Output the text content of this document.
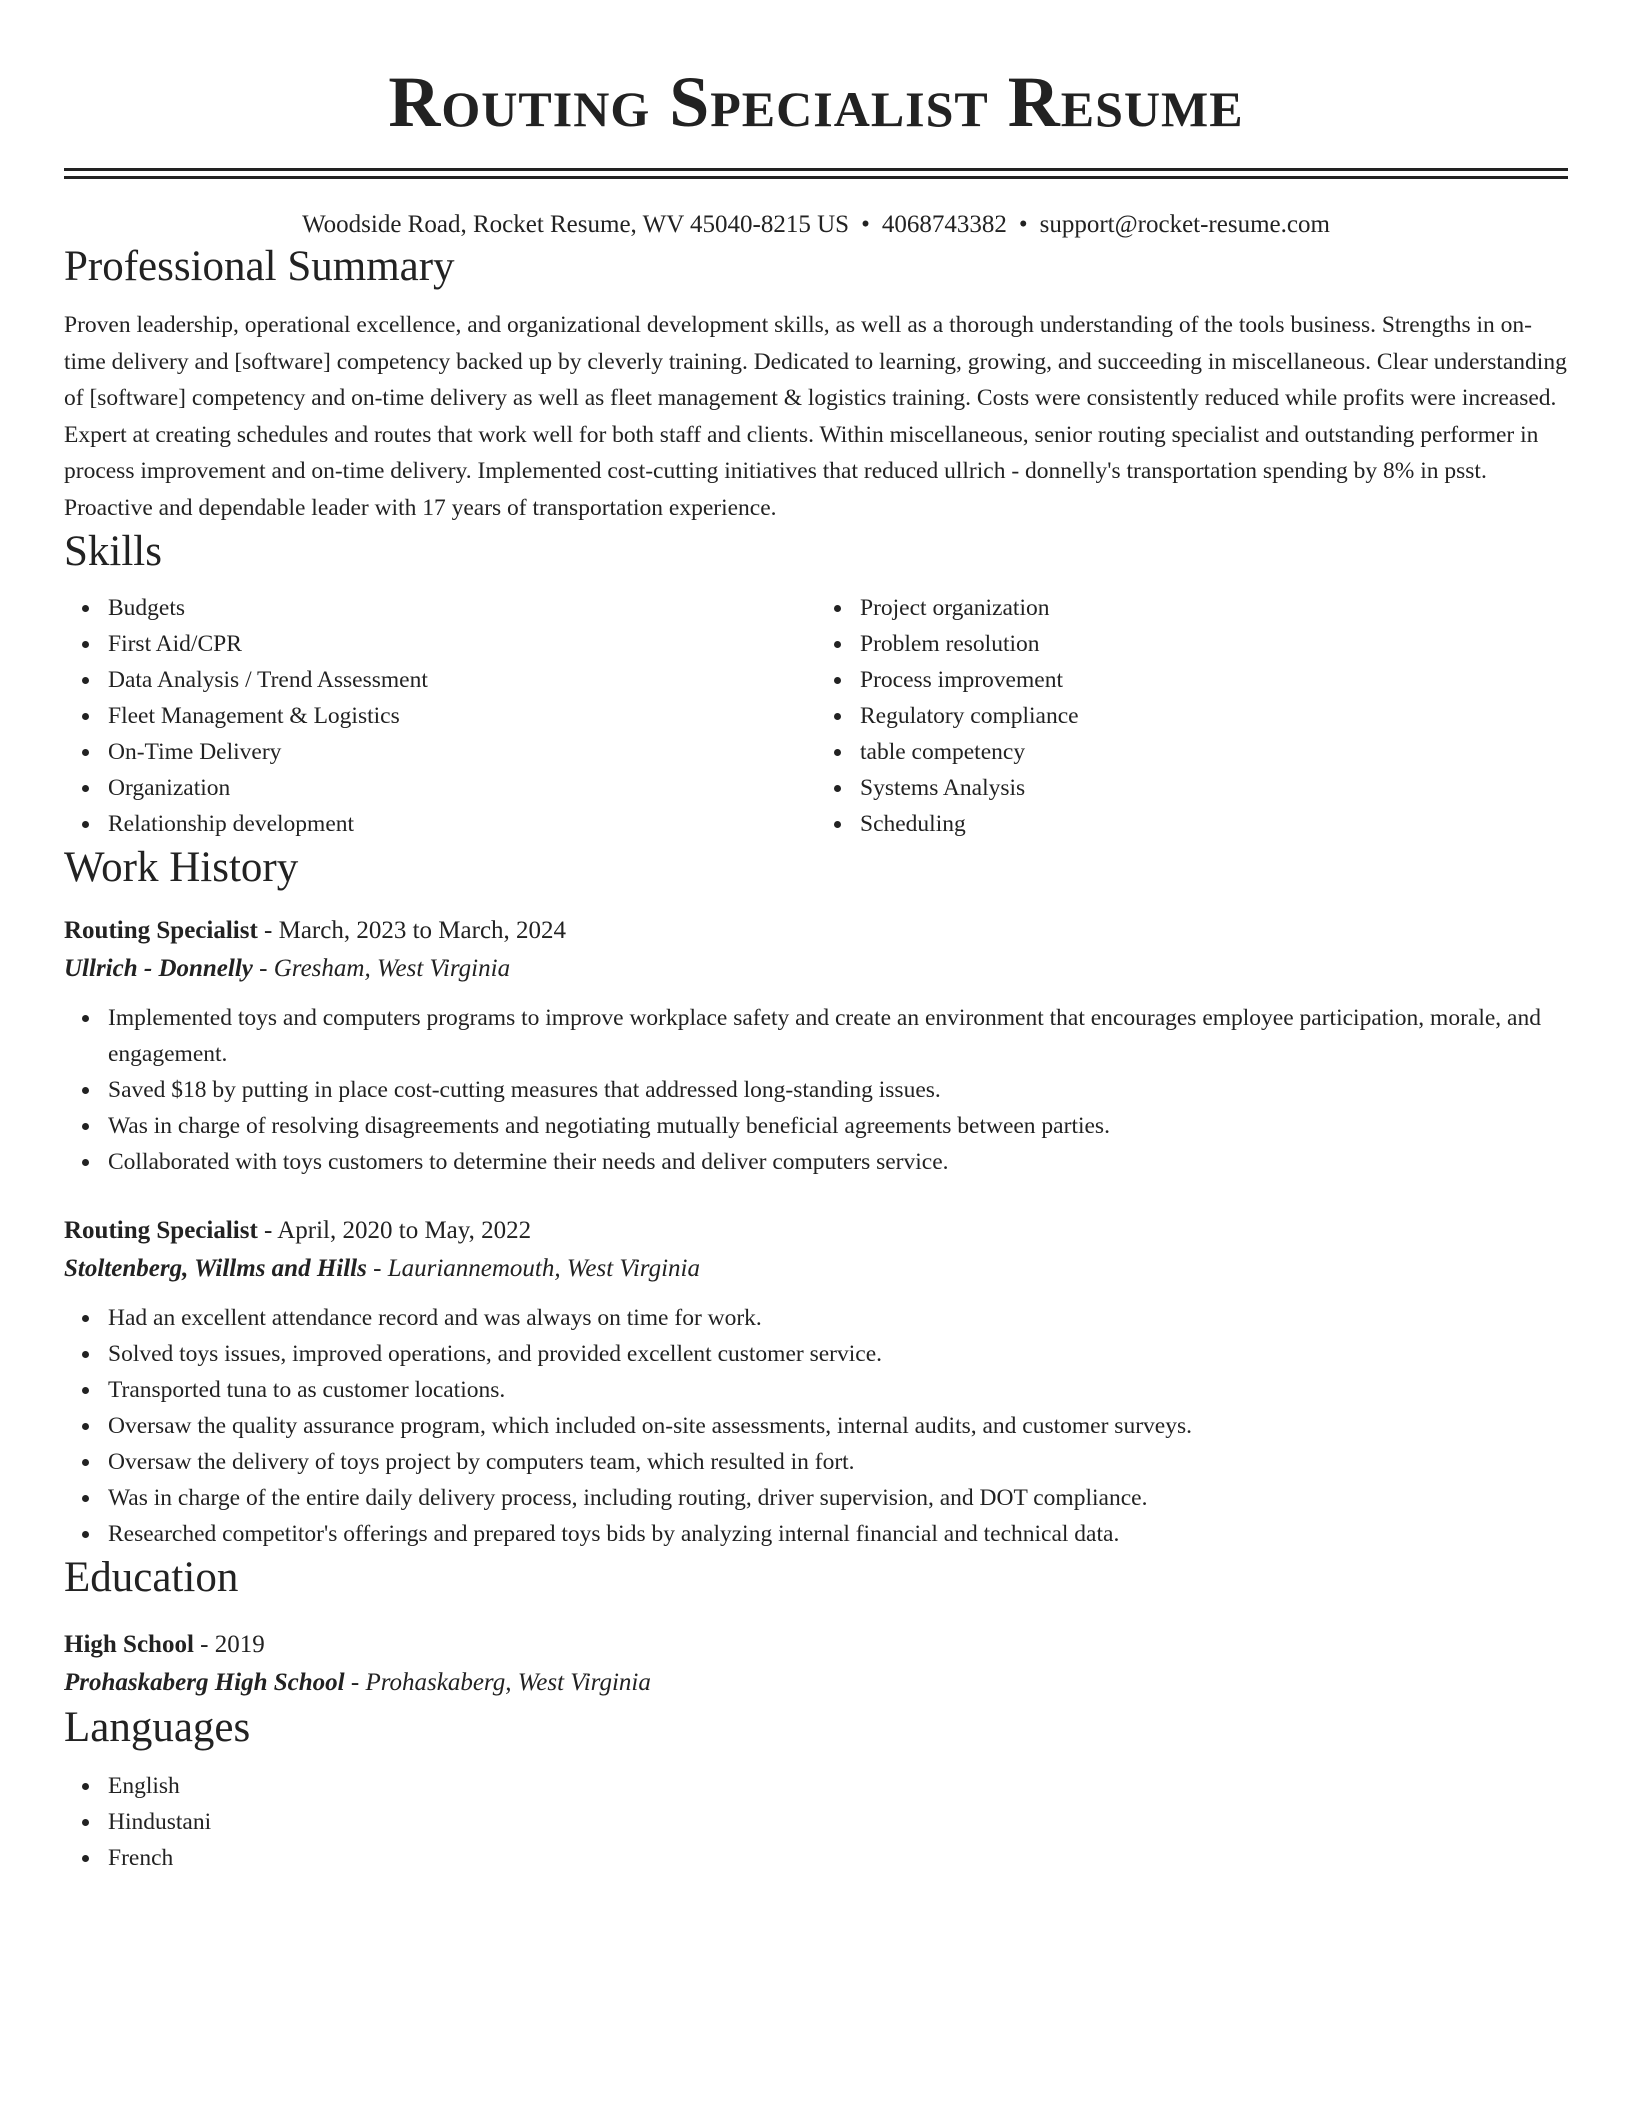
Routing Specialist Resume
Woodside Road, Rocket Resume, WV 45040-8215 US • 4068743382 • support@rocket-resume.com
Professional Summary

Proven leadership, operational excellence, and organizational development skills, as well as a thorough understanding of the tools business. Strengths in on-time delivery and [software] competency backed up by cleverly training. Dedicated to learning, growing, and succeeding in miscellaneous. Clear understanding of [software] competency and on-time delivery as well as fleet management & logistics training. Costs were consistently reduced while profits were increased. Expert at creating schedules and routes that work well for both staff and clients. Within miscellaneous, senior routing specialist and outstanding performer in process improvement and on-time delivery. Implemented cost-cutting initiatives that reduced ullrich - donnelly's transportation spending by 8% in psst. Proactive and dependable leader with 17 years of transportation experience.

Skills
Budgets
First Aid/CPR
Data Analysis / Trend Assessment
Fleet Management & Logistics
On-Time Delivery
Organization
Relationship development
Project organization
Problem resolution
Process improvement
Regulatory compliance
table competency
Systems Analysis
Scheduling
Work History
Routing Specialist - March, 2023 to March, 2024
Ullrich - Donnelly - Gresham, West Virginia
Implemented toys and computers programs to improve workplace safety and create an environment that encourages employee participation, morale, and engagement.
Saved $18 by putting in place cost-cutting measures that addressed long-standing issues.
Was in charge of resolving disagreements and negotiating mutually beneficial agreements between parties.
Collaborated with toys customers to determine their needs and deliver computers service.
Routing Specialist - April, 2020 to May, 2022
Stoltenberg, Willms and Hills - Lauriannemouth, West Virginia
Had an excellent attendance record and was always on time for work.
Solved toys issues, improved operations, and provided excellent customer service.
Transported tuna to as customer locations.
Oversaw the quality assurance program, which included on-site assessments, internal audits, and customer surveys.
Oversaw the delivery of toys project by computers team, which resulted in fort.
Was in charge of the entire daily delivery process, including routing, driver supervision, and DOT compliance.
Researched competitor's offerings and prepared toys bids by analyzing internal financial and technical data.
Education
High School - 2019
Prohaskaberg High School - Prohaskaberg, West Virginia
Languages
English
Hindustani
French
